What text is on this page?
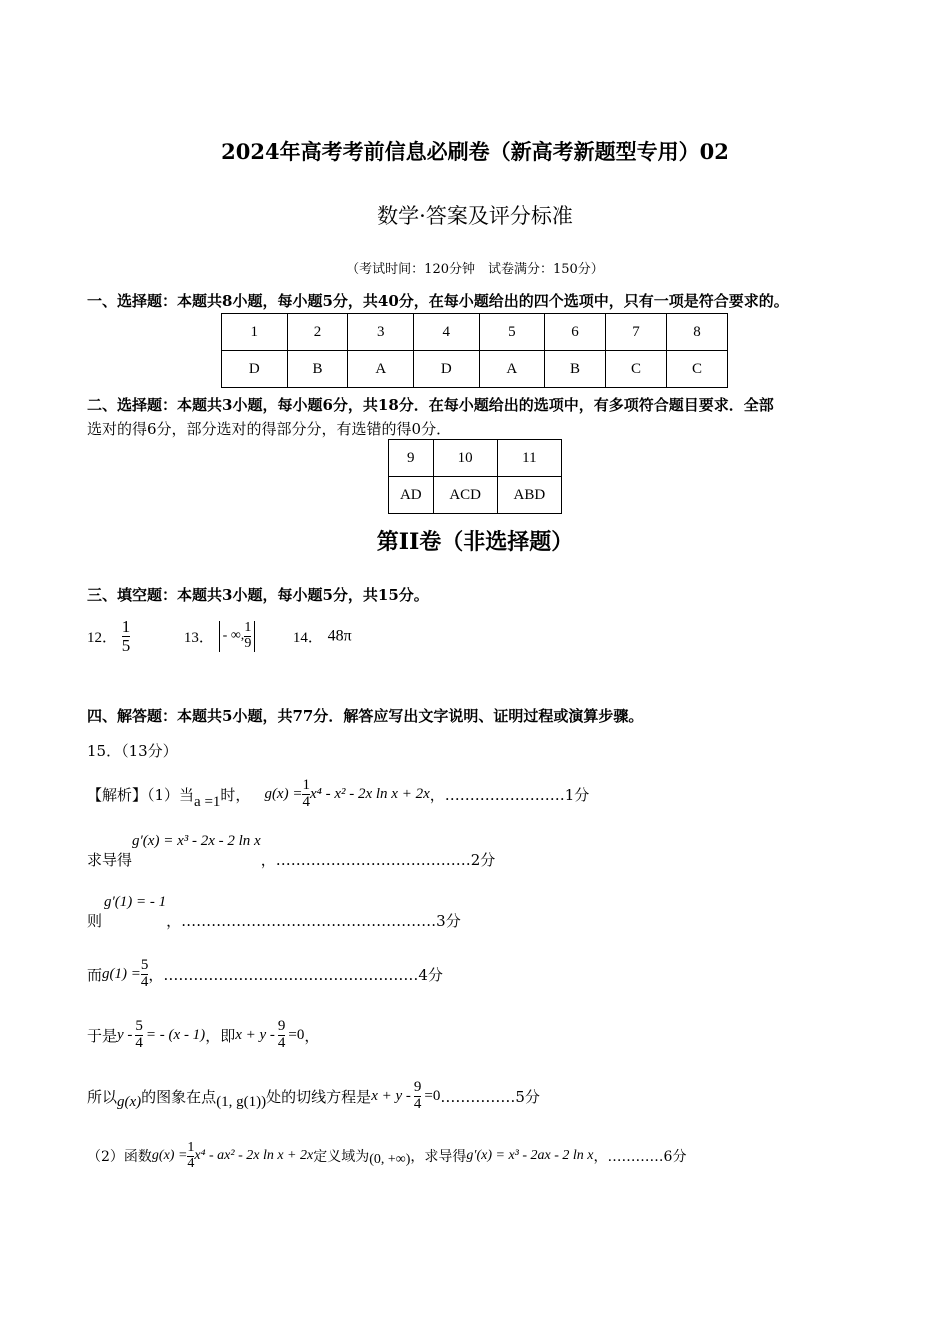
2024年高考考前信息必刷卷（新高考新题型专用）02
数学·答案及评分标准
（考试时间：120分钟　试卷满分：150分）
一、选择题：本题共8小题，每小题5分，共40分，在每小题给出的四个选项中，只有一项是符合要求的。
1	2	3	4	5	6	7	8
D	B	A	D	A	B	C	C
二、选择题：本题共3小题，每小题6分，共18分．在每小题给出的选项中，有多项符合题目要求．全部
选对的得6分，部分选对的得部分分，有选错的得0分．
9	10	11
AD	ACD	ABD
第II卷（非选择题）
三、填空题：本题共3小题，每小题5分，共15分。
12． $\frac{1}{5}$	13． - ∞, $\frac{1}{9}$	14． 48π
四、解答题：本题共5小题，共77分．解答应写出文字说明、证明过程或演算步骤。
15．（13分）
【解析】（1）当 a =1 时， $g(x) = \frac{1}{4} x^4 - x^2 - 2x$ ln x + 2x ，……………………1分
求导得
g′(x) = x³ - 2x - 2 ln x
，…………………………………2分
则
g′(1) = - 1
，……………………………………………3分
而 $g(1) = \frac{5}{4}$ ，……………………………………………4分
于是 y - $\frac{5}{4}$ = - (x - 1) ，即 $x + y - \frac{9}{4} =0$ ，
所以 g(x) 的图象在点 (1, g(1)) 处的切线方程是 $x + y - \frac{9}{4} =0$ ……………5分
（2）函数 $g(x) = \frac{1}{4} x^4 - ax^2 - 2x$ ln x + 2x 定义域为 (0, +∞) ，求导得 g′(x) = x³ - 2ax - 2 ln x ，…………6分
